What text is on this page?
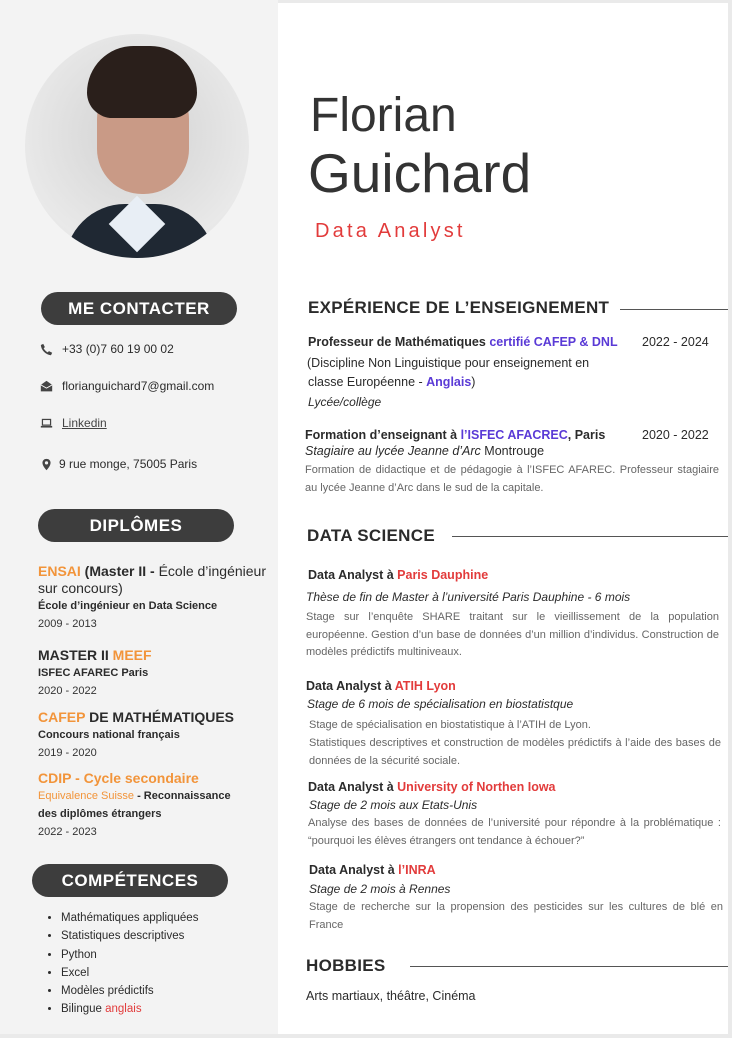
ME CONTACTER
+33 (0)7 60 19 00 02
florianguichard7@gmail.com
Linkedin
9 rue monge, 75005 Paris
DIPLÔMES
ENSAI (Master II - École d’ingénieur sur concours)
École d’ingénieur en Data Science
2009 - 2013
MASTER II MEEF
ISFEC AFAREC Paris
2020 - 2022
CAFEP DE MATHÉMATIQUES
Concours national français
2019 - 2020
CDIP - Cycle secondaire
Equivalence Suisse - Reconnaissance
des diplômes étrangers
2022 - 2023
COMPÉTENCES
• Mathématiques appliquées
• Statistiques descriptives
• Python
• Excel
• Modèles prédictifs
• Bilingue anglais
Florian
Guichard
Data Analyst
EXPÉRIENCE DE L’ENSEIGNEMENT
Professeur de Mathématiques certifié CAFEP & DNL 2022 - 2024
(Discipline Non Linguistique pour enseignement en
classe Européenne - Anglais)
Lycée/collège
Formation d’enseignant à l’ISFEC AFACREC, Paris	2020 - 2022
Stagiaire au lycée Jeanne d’Arc Montrouge
Formation de didactique et de pédagogie à l’ISFEC AFAREC. Professeur stagiaire au lycée Jeanne d’Arc dans le sud de la capitale.
DATA SCIENCE
Data Analyst à Paris Dauphine
Thèse de fin de Master à l’université Paris Dauphine - 6 mois
Stage sur l’enquête SHARE traitant sur le vieillissement de la population européenne. Gestion d’un base de données d’un million d’individus. Construction de modèles prédictifs multiniveaux.
Data Analyst à ATIH Lyon
Stage de 6 mois de spécialisation en biostatistque
Stage de spécialisation en biostatistique à l’ATIH de Lyon.
Statistiques descriptives et construction de modèles prédictifs à l’aide des bases de données de la sécurité sociale.
Data Analyst à University of Northen Iowa
Stage de 2 mois aux Etats-Unis
Analyse des bases de données de l’université pour répondre à la problématique : “pourquoi les élèves étrangers ont tendance à échouer?”
Data Analyst à l’INRA
Stage de 2 mois à Rennes
Stage de recherche sur la propension des pesticides sur les cultures de blé en France
HOBBIES
Arts martiaux, théâtre, Cinéma
